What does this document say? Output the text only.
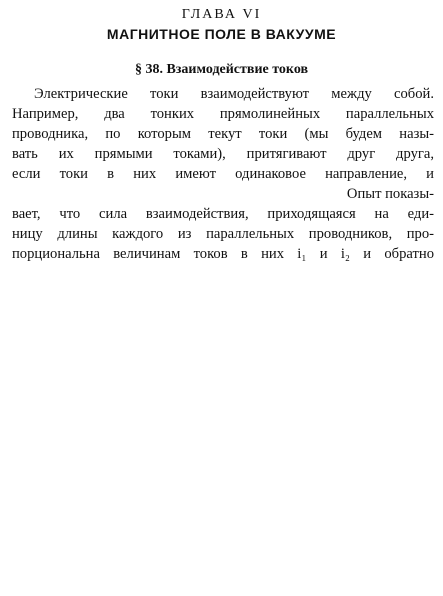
ГЛАВА VI
МАГНИТНОЕ ПОЛЕ В ВАКУУМЕ
§ 38. Взаимодействие токов
Электрические токи взаимодействуют между собой.
Например, два тонких прямолинейных параллельных
проводника, по которым текут токи (мы будем назы-
вать их прямыми токами), притягивают друг друга,
если токи в них имеют одинаковое направление, и
Опыт показы-
вает, что сила взаимодействия, приходящаяся на еди-
ницу длины каждого из параллельных проводников, про-
порциональна величинам токов в них i₁ и i₂ и обратно
